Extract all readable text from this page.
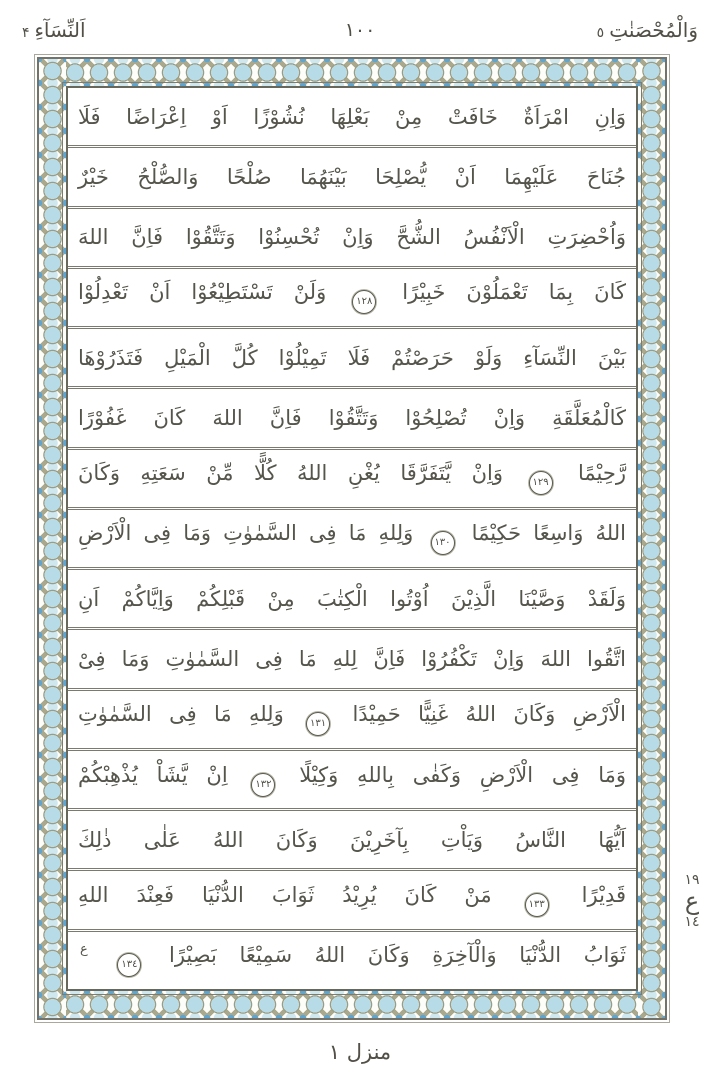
وَالْمُحْصَنٰتِ
٥
١٠٠
اَلنِّسَآءِ
۴
وَاِنِ امْرَاَةٌ خَافَتْ مِنْ بَعْلِهَا نُشُوْزًا اَوْ اِعْرَاضًا فَلَا
جُنَاحَ عَلَيْهِمَا اَنْ يُّصْلِحَا بَيْنَهُمَا صُلْحًا وَالصُّلْحُ خَيْرٌ
وَاُحْضِرَتِ الْاَنْفُسُ الشُّحَّ وَاِنْ تُحْسِنُوْا وَتَتَّقُوْا فَاِنَّ اللهَ
كَانَ بِمَا تَعْمَلُوْنَ خَبِيْرًا ١٢٨ وَلَنْ تَسْتَطِيْعُوْا اَنْ تَعْدِلُوْا
بَيْنَ النِّسَآءِ وَلَوْ حَرَصْتُمْ فَلَا تَمِيْلُوْا كُلَّ الْمَيْلِ فَتَذَرُوْهَا
كَالْمُعَلَّقَةِ وَاِنْ تُصْلِحُوْا وَتَتَّقُوْا فَاِنَّ اللهَ كَانَ غَفُوْرًا
رَّحِيْمًا ١٢٩ وَاِنْ يَّتَفَرَّقَا يُغْنِ اللهُ كُلًّا مِّنْ سَعَتِهِ وَكَانَ
اللهُ وَاسِعًا حَكِيْمًا ١٣٠ وَلِلهِ مَا فِى السَّمٰوٰتِ وَمَا فِى الْاَرْضِ
وَلَقَدْ وَصَّيْنَا الَّذِيْنَ اُوْتُوا الْكِتٰبَ مِنْ قَبْلِكُمْ وَاِيَّاكُمْ اَنِ
اتَّقُوا اللهَ وَاِنْ تَكْفُرُوْا فَاِنَّ لِلهِ مَا فِى السَّمٰوٰتِ وَمَا فِىْ
الْاَرْضِ وَكَانَ اللهُ غَنِيًّا حَمِيْدًا ١٣١ وَلِلهِ مَا فِى السَّمٰوٰتِ
وَمَا فِى الْاَرْضِ وَكَفٰى بِاللهِ وَكِيْلًا ١٣٢ اِنْ يَّشَاْ يُذْهِبْكُمْ
اَيُّهَا النَّاسُ وَيَاْتِ بِآخَرِيْنَ وَكَانَ اللهُ عَلٰى ذٰلِكَ
قَدِيْرًا ١٣٣ مَنْ كَانَ يُرِيْدُ ثَوَابَ الدُّنْيَا فَعِنْدَ اللهِ
ثَوَابُ الدُّنْيَا وَالْآخِرَةِ وَكَانَ اللهُ سَمِيْعًا بَصِيْرًا ١٣٤ $^ع$
١٩
ع
١٤
منزل ١
